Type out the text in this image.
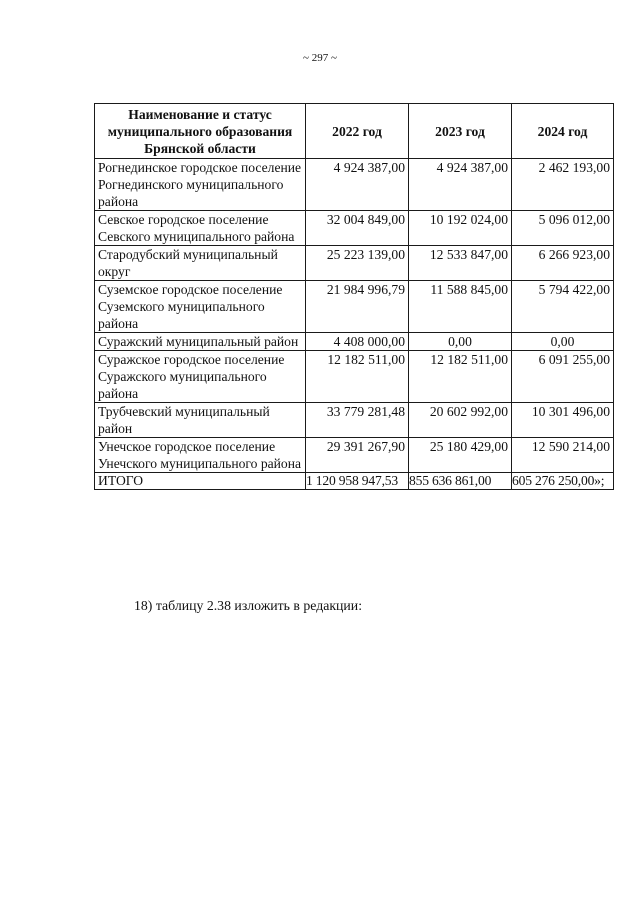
~ 297 ~
Наименование и статус муниципального образования Брянской области	2022 год	2023 год	2024 год
Рогнединское городское поселение Рогнединского муниципального района	4 924 387,00	4 924 387,00	2 462 193,00
Севское городское поселение Севского муниципального района	32 004 849,00	10 192 024,00	5 096 012,00
Стародубский муниципальный округ	25 223 139,00	12 533 847,00	6 266 923,00
Суземское городское поселение Суземского муниципального района	21 984 996,79	11 588 845,00	5 794 422,00
Суражский муниципальный район	4 408 000,00	0,00	0,00
Суражское городское поселение Суражского муниципального района	12 182 511,00	12 182 511,00	6 091 255,00
Трубчевский муниципальный район	33 779 281,48	20 602 992,00	10 301 496,00
Унечское городское поселение Унечского муниципального района	29 391 267,90	25 180 429,00	12 590 214,00
ИТОГО	1 120 958 947,53	855 636 861,00	605 276 250,00»;
18) таблицу 2.38 изложить в редакции:
